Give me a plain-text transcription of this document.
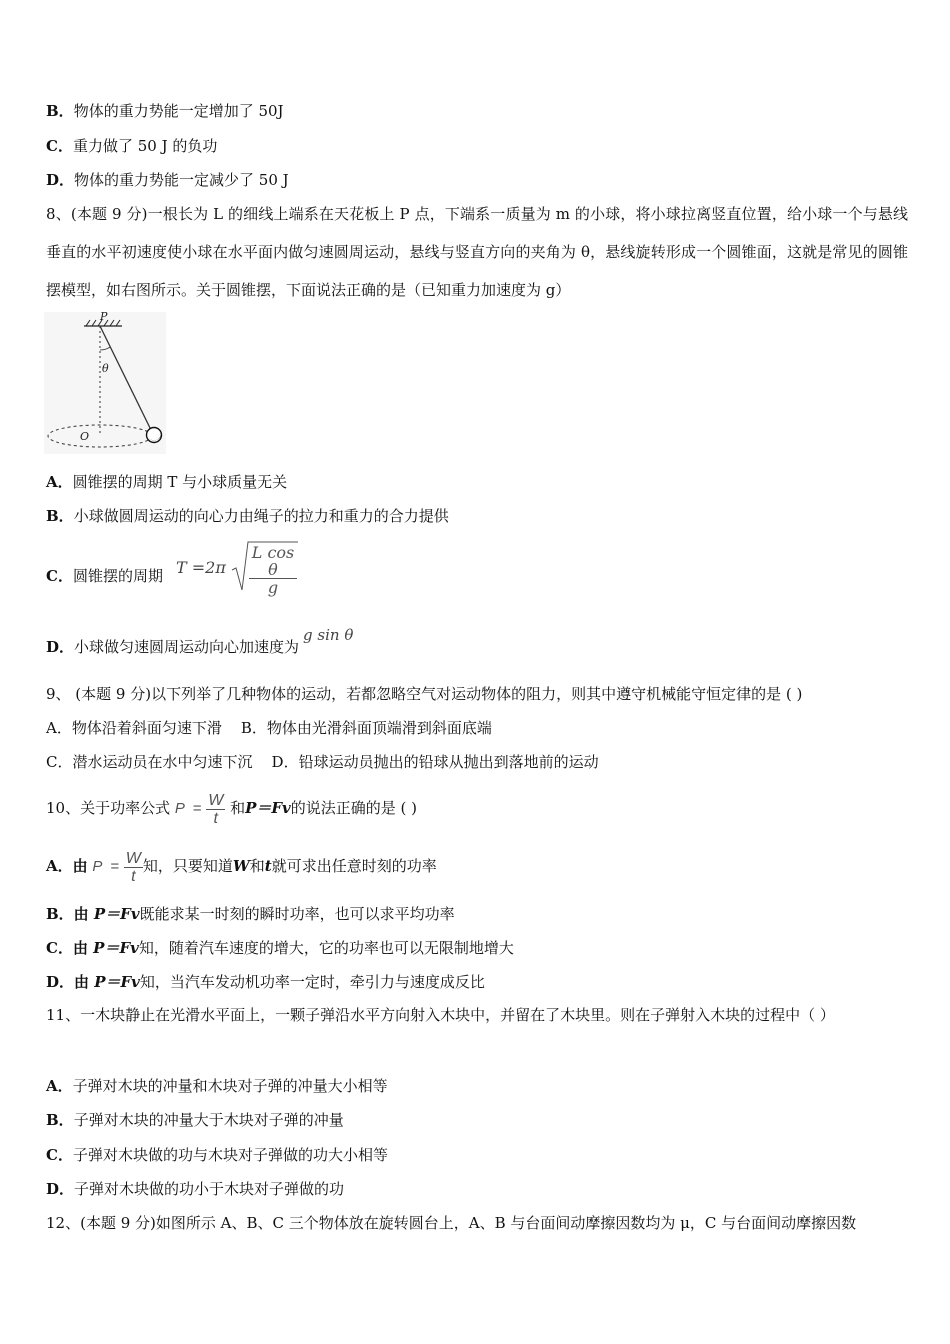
B．物体的重力势能一定增加了 50J
C．重力做了 50 J 的负功
D．物体的重力势能一定减少了 50 J
8、(本题 9 分)一根长为 L 的细线上端系在天花板上 P 点，下端系一质量为 m 的小球，将小球拉离竖直位置，给小球一个与悬线垂直的水平初速度使小球在水平面内做匀速圆周运动，悬线与竖直方向的夹角为 θ，悬线旋转形成一个圆锥面，这就是常见的圆锥摆模型，如右图所示。关于圆锥摆，下面说法正确的是（已知重力加速度为 g）
P
θ
O
A．圆锥摆的周期 T 与小球质量无关
B．小球做圆周运动的向心力由绳子的拉力和重力的合力提供
C．圆锥摆的周期 $T =2\pi \frac{\text{L cos θ}}{g}$
D．小球做匀速圆周运动向心加速度为g sin θ
9、 (本题 9 分)以下列举了几种物体的运动，若都忽略空气对运动物体的阻力，则其中遵守机械能守恒定律的是 ( )
A．物体沿着斜面匀速下滑    B．物体由光滑斜面顶端滑到斜面底端
C．潜水运动员在水中匀速下沉    D．铅球运动员抛出的铅球从抛出到落地前的运动
10、关于功率公式 $P = \frac{W}{t}$ 和P＝Fv的说法正确的是 ( )
A．由 $P = \frac{W}{t}$ 知，只要知道W和t就可求出任意时刻的功率
B．由 P＝Fv既能求某一时刻的瞬时功率，也可以求平均功率
C．由 P＝Fv知，随着汽车速度的增大，它的功率也可以无限制地增大
D．由 P＝Fv知，当汽车发动机功率一定时，牵引力与速度成反比
11、一木块静止在光滑水平面上，一颗子弹沿水平方向射入木块中，并留在了木块里。则在子弹射入木块的过程中（ ）
A．子弹对木块的冲量和木块对子弹的冲量大小相等
B．子弹对木块的冲量大于木块对子弹的冲量
C．子弹对木块做的功与木块对子弹做的功大小相等
D．子弹对木块做的功小于木块对子弹做的功
12、(本题 9 分)如图所示 A、B、C 三个物体放在旋转圆台上，A、B 与台面间动摩擦因数均为 μ，C 与台面间动摩擦因数
